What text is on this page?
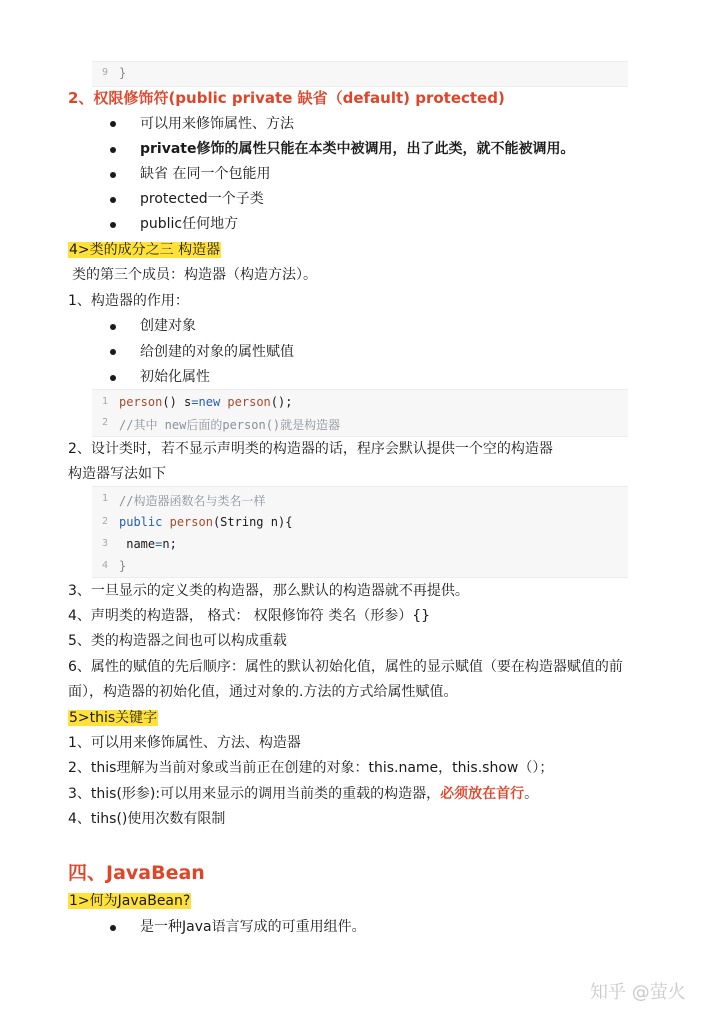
9 }
2、权限修饰符(public private 缺省（default) protected)
可以用来修饰属性、方法
private修饰的属性只能在本类中被调用，出了此类，就不能被调用。
缺省 在同一个包能用
protected一个子类
public任何地方
4>类的成分之三 构造器
类的第三个成员：构造器（构造方法）。
1、构造器的作用：
创建对象
给创建的对象的属性赋值
初始化属性
1 person() s=new person();
2 //其中 new后面的person()就是构造器
2、设计类时，若不显示声明类的构造器的话，程序会默认提供一个空的构造器
构造器写法如下
1 //构造器函数名与类名一样
2 public person(String n){
3 name=n;
4 }
3、一旦显示的定义类的构造器，那么默认的构造器就不再提供。
4、声明类的构造器， 格式： 权限修饰符 类名（形参）{}
5、类的构造器之间也可以构成重载
6、属性的赋值的先后顺序：属性的默认初始化值，属性的显示赋值（要在构造器赋值的前
面），构造器的初始化值，通过对象的.方法的方式给属性赋值。
5>this关键字
1、可以用来修饰属性、方法、构造器
2、this理解为当前对象或当前正在创建的对象：this.name，this.show（）；
3、this(形参):可以用来显示的调用当前类的重载的构造器，必须放在首行。
4、tihs()使用次数有限制
四、JavaBean
1>何为JavaBean?
是一种Java语言写成的可重用组件。
知乎 @萤火
